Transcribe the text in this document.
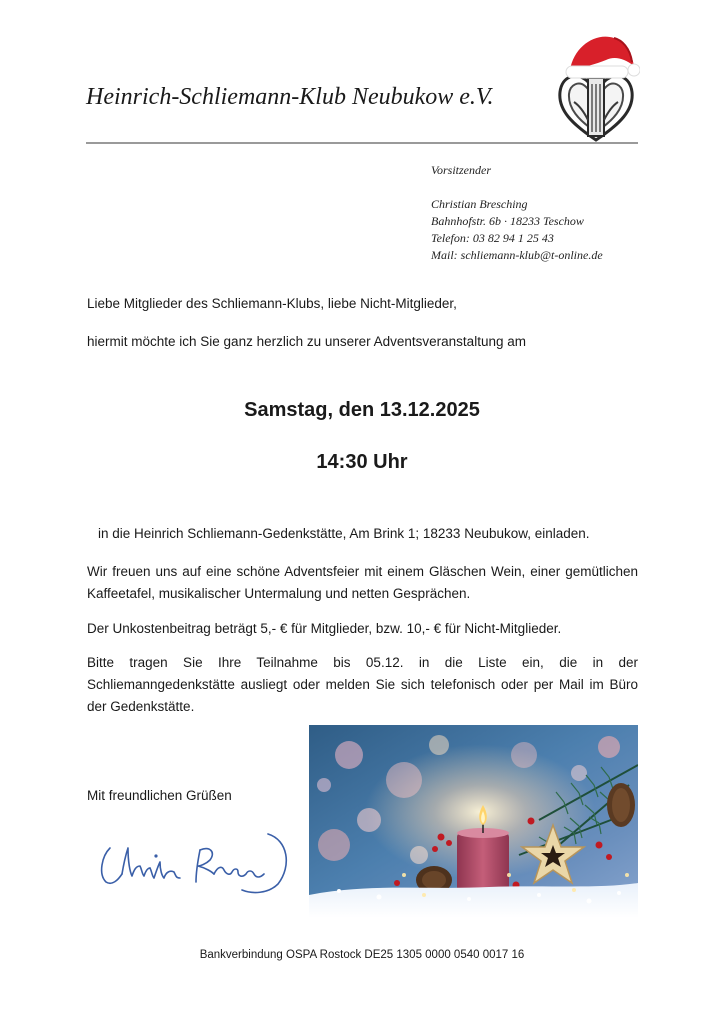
Heinrich-Schliemann-Klub Neubukow e.V.
Vorsitzender
Christian Bresching
Bahnhofstr. 6b · 18233 Teschow
Telefon: 03 82 94 1 25 43
Mail: schliemann-klub@t-online.de
Liebe Mitglieder des Schliemann-Klubs, liebe Nicht-Mitglieder,
hiermit möchte ich Sie ganz herzlich zu unserer Adventsveranstaltung am
Samstag, den 13.12.2025
14:30 Uhr
in die Heinrich Schliemann-Gedenkstätte, Am Brink 1; 18233 Neubukow, einladen.
Wir freuen uns auf eine schöne Adventsfeier mit einem Gläschen Wein, einer gemütlichen Kaffeetafel, musikalischer Untermalung und netten Gesprächen.
Der Unkostenbeitrag beträgt 5,- € für Mitglieder, bzw. 10,- € für Nicht-Mitglieder.
Bitte tragen Sie Ihre Teilnahme bis 05.12. in die Liste ein, die in der Schliemanngedenkstätte ausliegt oder melden Sie sich telefonisch oder per Mail im Büro der Gedenkstätte.
Mit freundlichen Grüßen
Bankverbindung OSPA Rostock DE25 1305 0000 0540 0017 16
